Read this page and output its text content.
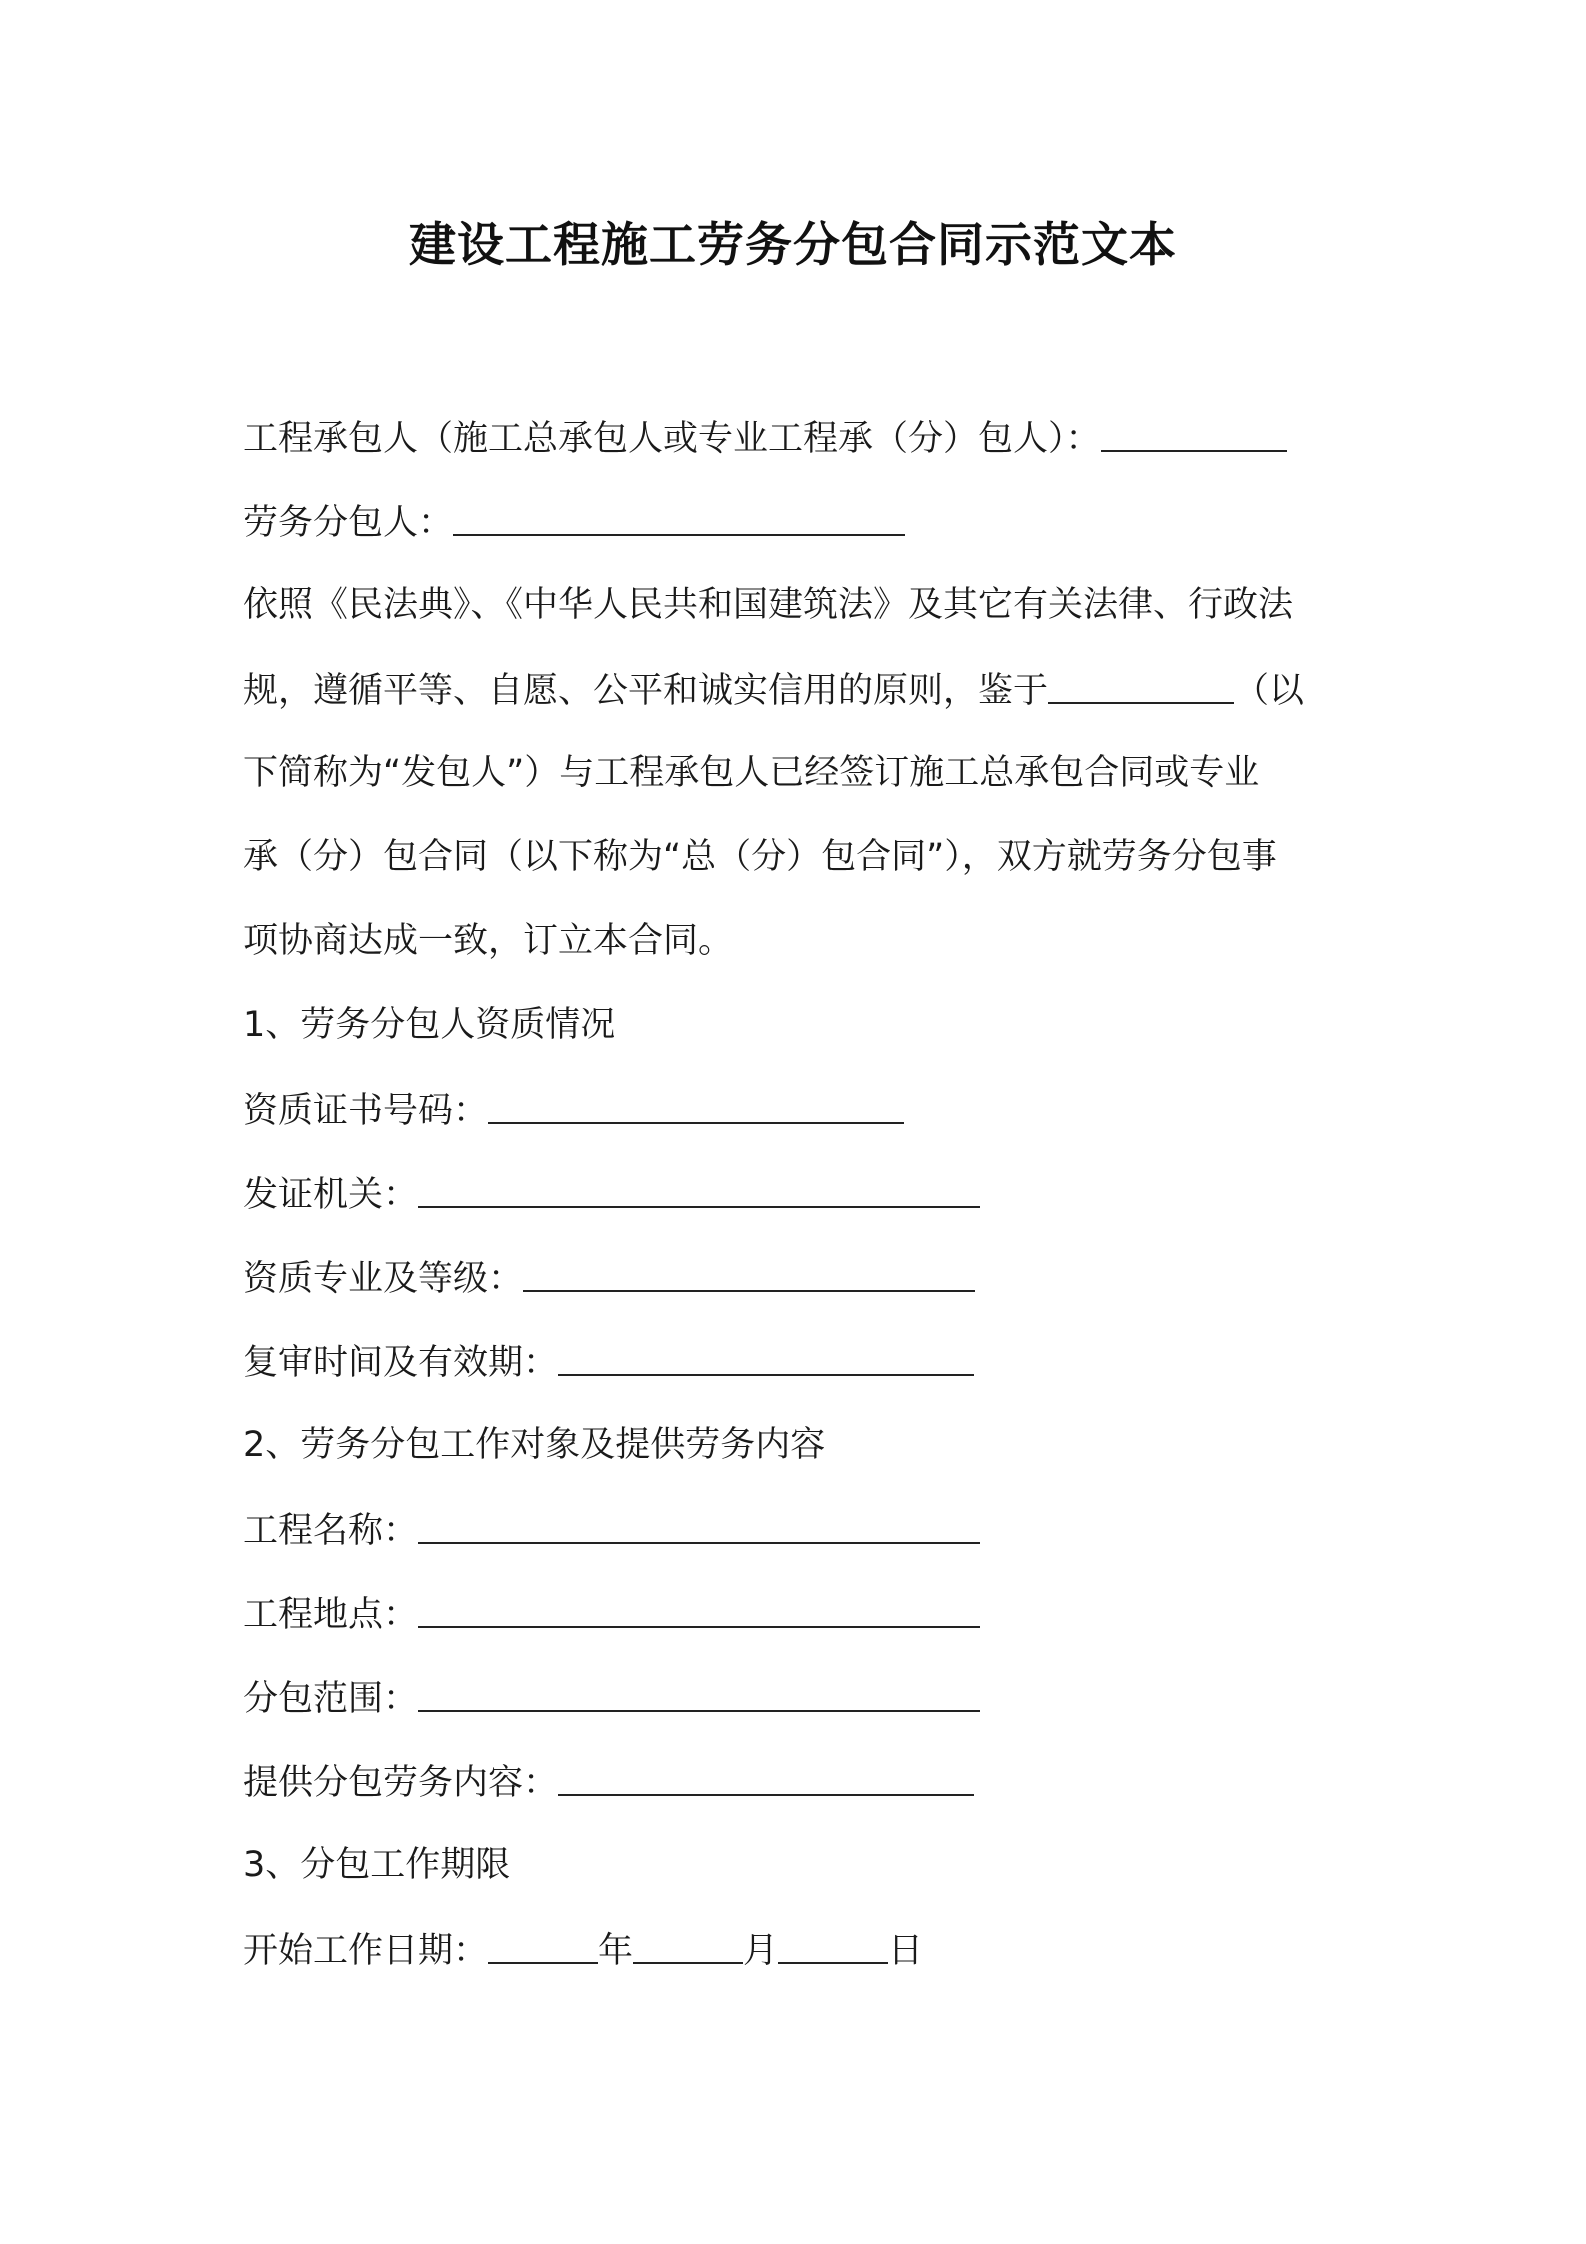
建设工程施工劳务分包合同示范文本
工程承包人（施工总承包人或专业工程承（分）包人）：
劳务分包人：
依照《民法典》、《中华人民共和国建筑法》及其它有关法律、行政法
规，遵循平等、自愿、公平和诚实信用的原则，鉴于	（以
下简称为“发包人”）与工程承包人已经签订施工总承包合同或专业
承（分）包合同（以下称为“总（分）包合同”），双方就劳务分包事
项协商达成一致，订立本合同。
1、劳务分包人资质情况
资质证书号码：
发证机关：
资质专业及等级：
复审时间及有效期：
2、劳务分包工作对象及提供劳务内容
工程名称：
工程地点：
分包范围：
提供分包劳务内容：
3、分包工作期限
开始工作日期：	年	月	日
